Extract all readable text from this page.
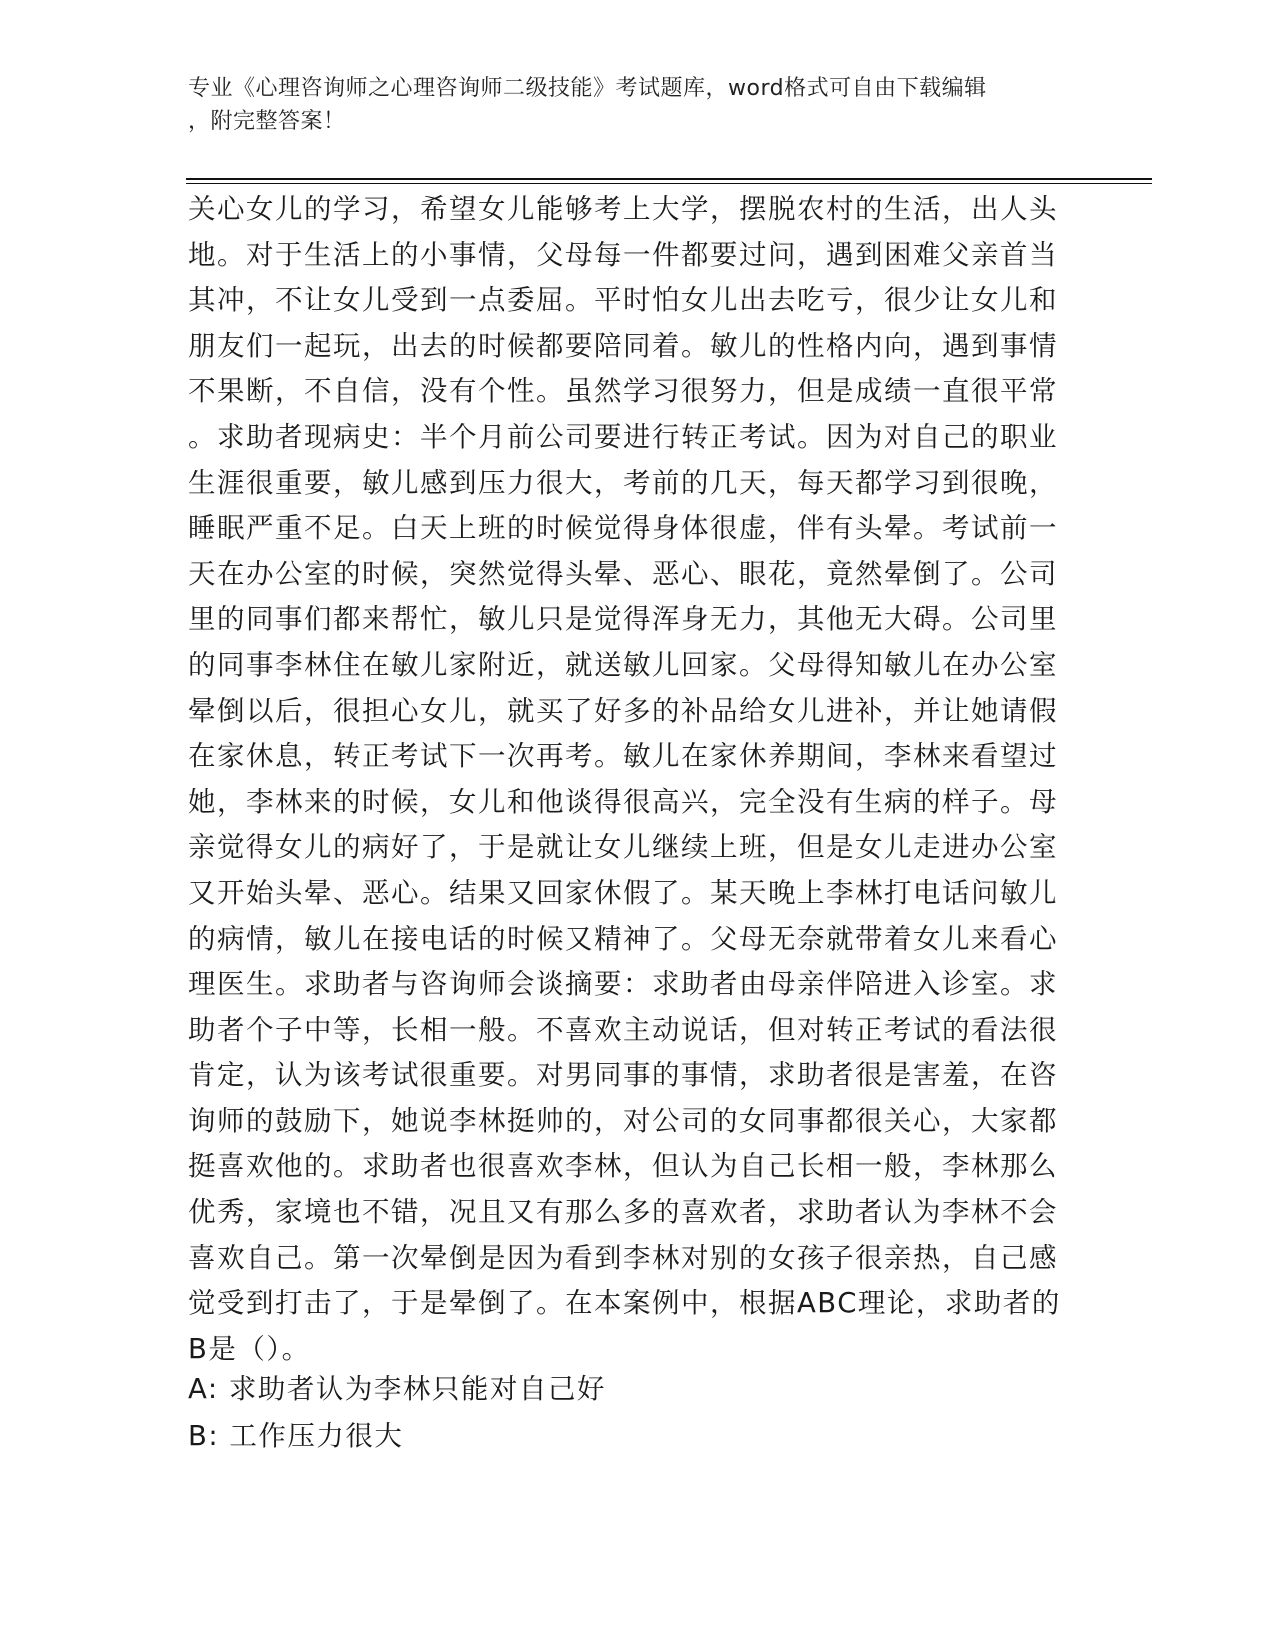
专业《心理咨询师之心理咨询师二级技能》考试题库，word格式可自由下载编辑
，附完整答案！
关心女儿的学习，希望女儿能够考上大学，摆脱农村的生活，出人头
地。对于生活上的小事情，父母每一件都要过问，遇到困难父亲首当
其冲，不让女儿受到一点委屈。平时怕女儿出去吃亏，很少让女儿和
朋友们一起玩，出去的时候都要陪同着。敏儿的性格内向，遇到事情
不果断，不自信，没有个性。虽然学习很努力，但是成绩一直很平常
。求助者现病史：半个月前公司要进行转正考试。因为对自己的职业
生涯很重要，敏儿感到压力很大，考前的几天，每天都学习到很晚，
睡眠严重不足。白天上班的时候觉得身体很虚，伴有头晕。考试前一
天在办公室的时候，突然觉得头晕、恶心、眼花，竟然晕倒了。公司
里的同事们都来帮忙，敏儿只是觉得浑身无力，其他无大碍。公司里
的同事李林住在敏儿家附近，就送敏儿回家。父母得知敏儿在办公室
晕倒以后，很担心女儿，就买了好多的补品给女儿进补，并让她请假
在家休息，转正考试下一次再考。敏儿在家休养期间，李林来看望过
她，李林来的时候，女儿和他谈得很高兴，完全没有生病的样子。母
亲觉得女儿的病好了，于是就让女儿继续上班，但是女儿走进办公室
又开始头晕、恶心。结果又回家休假了。某天晚上李林打电话问敏儿
的病情，敏儿在接电话的时候又精神了。父母无奈就带着女儿来看心
理医生。求助者与咨询师会谈摘要：求助者由母亲伴陪进入诊室。求
助者个子中等，长相一般。不喜欢主动说话，但对转正考试的看法很
肯定，认为该考试很重要。对男同事的事情，求助者很是害羞，在咨
询师的鼓励下，她说李林挺帅的，对公司的女同事都很关心，大家都
挺喜欢他的。求助者也很喜欢李林，但认为自己长相一般，李林那么
优秀，家境也不错，况且又有那么多的喜欢者，求助者认为李林不会
喜欢自己。第一次晕倒是因为看到李林对别的女孩子很亲热，自己感
觉受到打击了，于是晕倒了。在本案例中，根据ABC理论，求助者的
B是（）。
A: 求助者认为李林只能对自己好
B: 工作压力很大
